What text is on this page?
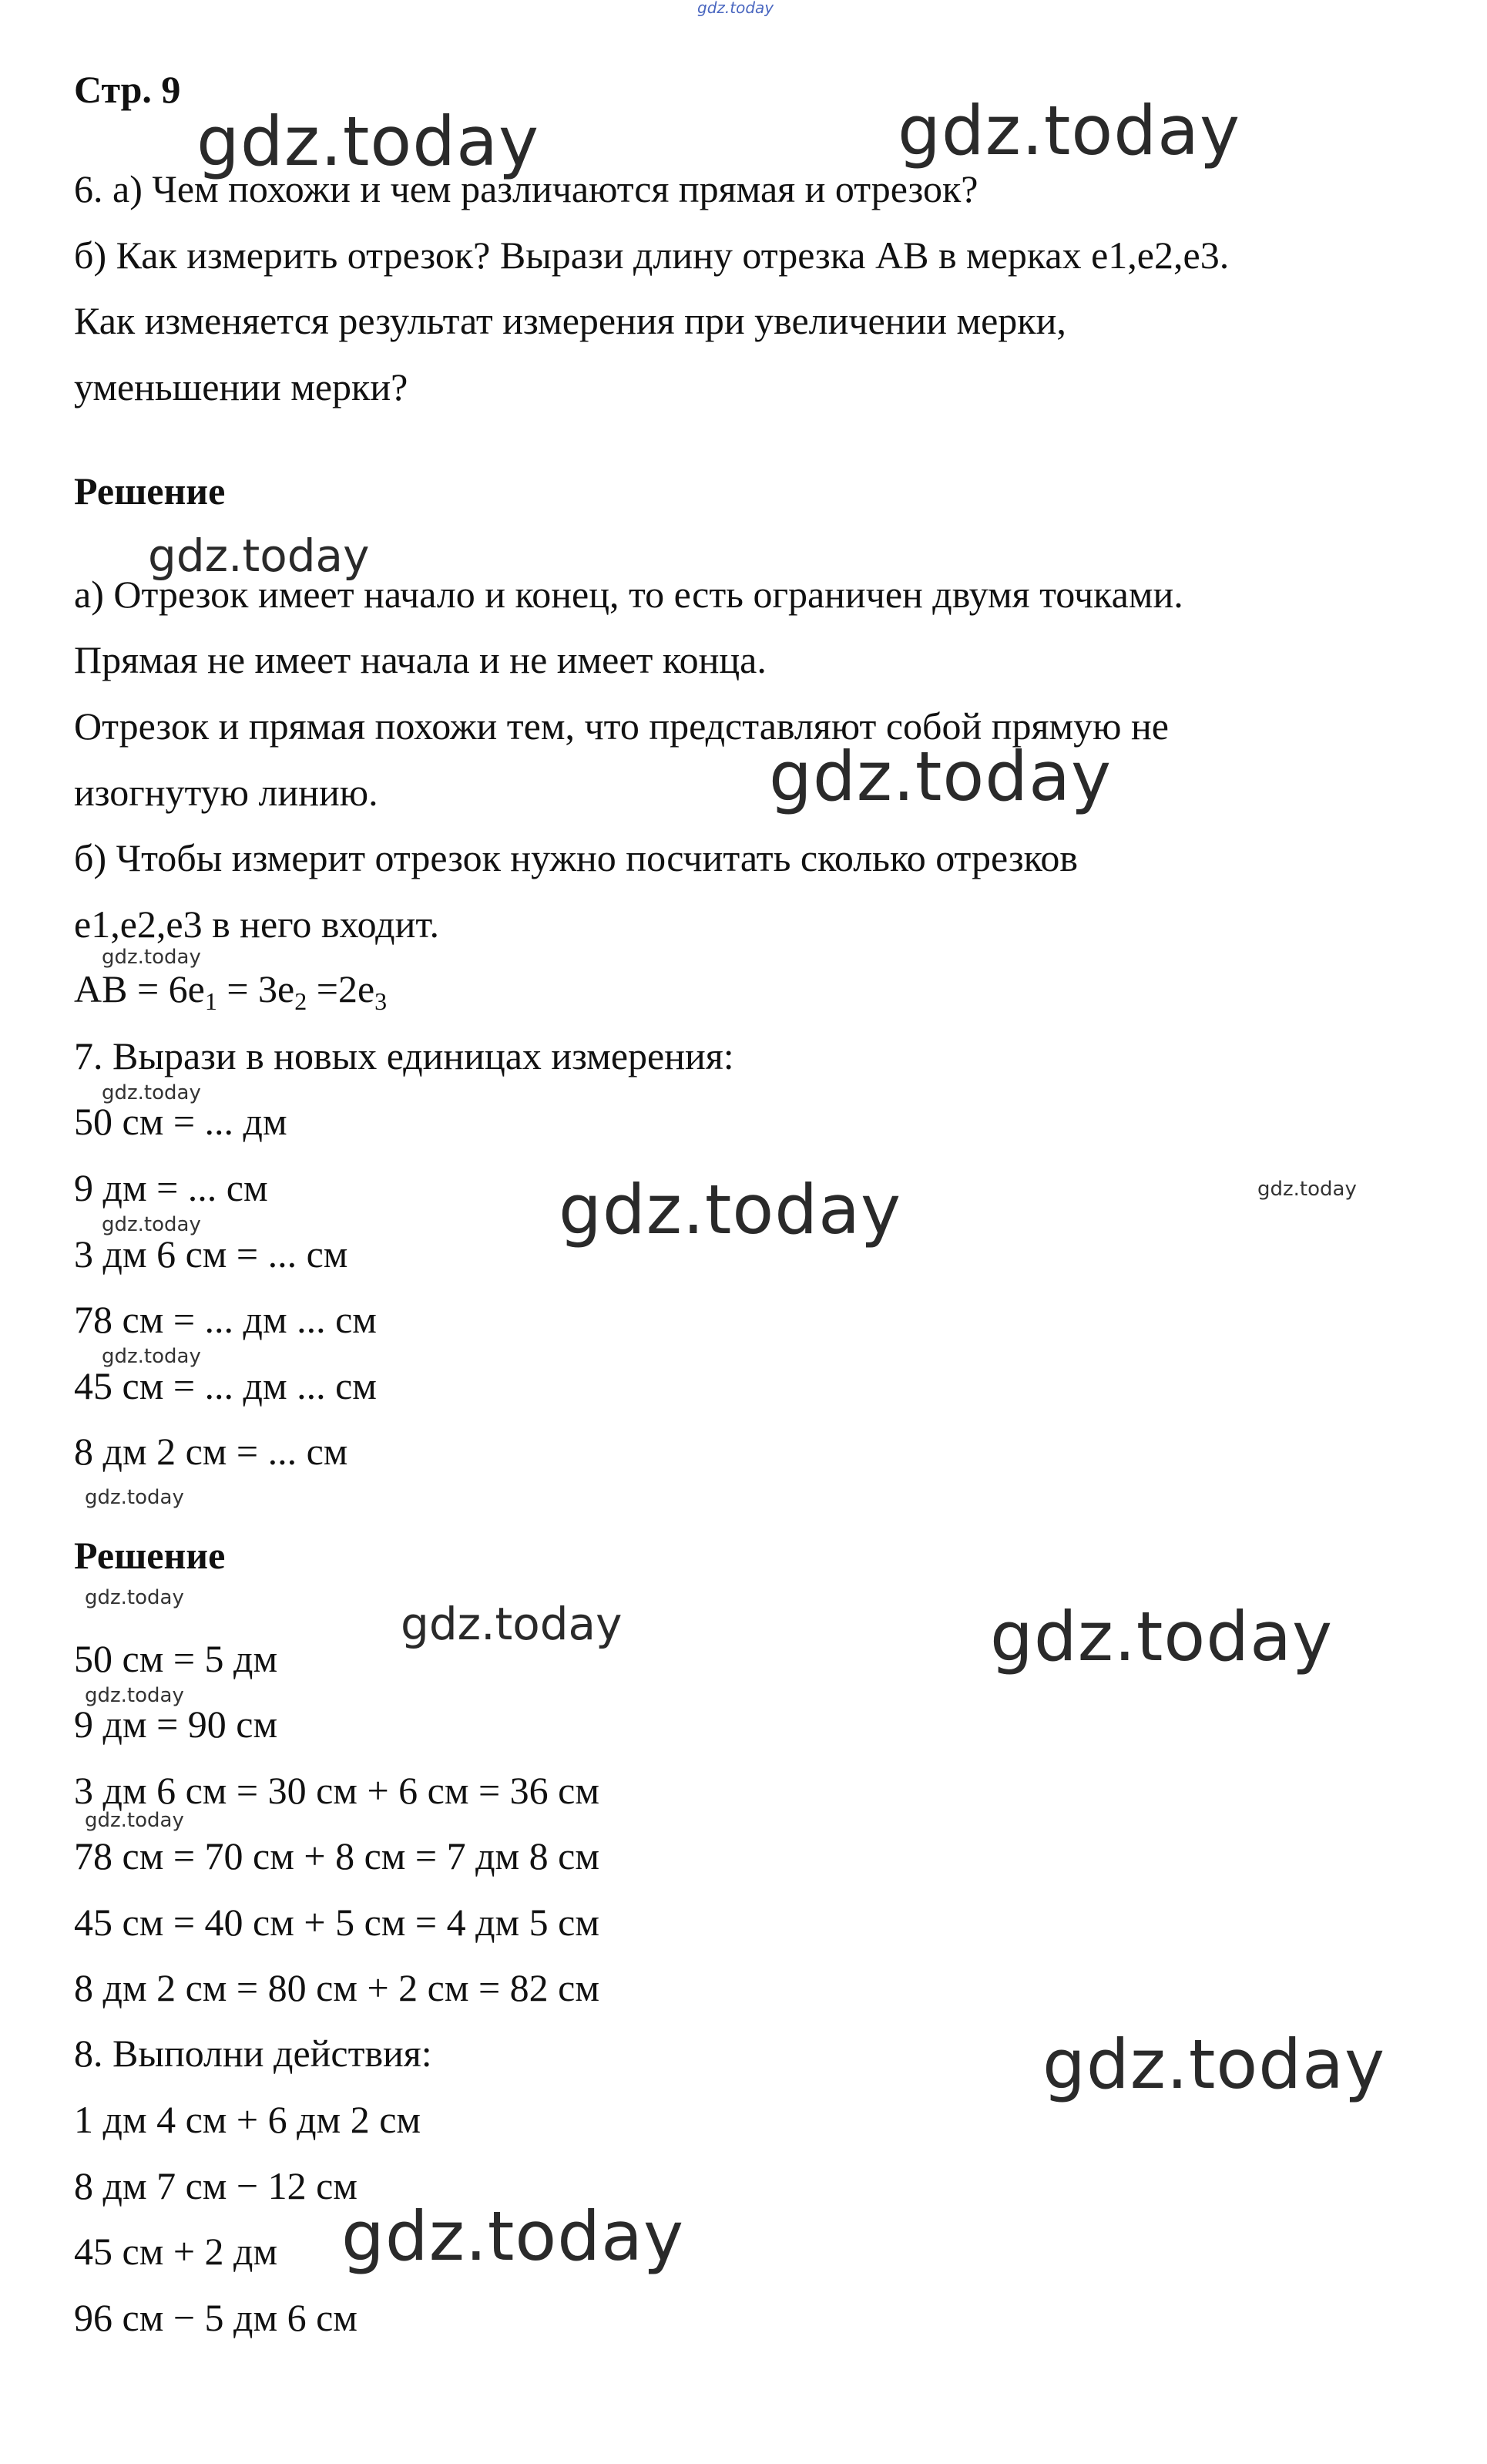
Стр. 9
6. а) Чем похожи и чем различаются прямая и отрезок?
б) Как измерить отрезок? Вырази длину отрезка АВ в мерках е1,е2,е3.
Как изменяется результат измерения при увеличении мерки,
уменьшении мерки?
Решение
а) Отрезок имеет начало и конец, то есть ограничен двумя точками.
Прямая не имеет начала и не имеет конца.
Отрезок и прямая похожи тем, что представляют собой прямую не
изогнутую линию.
б) Чтобы измерит отрезок нужно посчитать сколько отрезков
е1,е2,е3 в него входит.
АВ = $6е_1 = 3е_2 =2е_3$
7. Вырази в новых единицах измерения:
50 см = ... дм
9 дм = ... см
3 дм 6 см = ... см
78 см = ... дм ... см
45 см = ... дм ... см
8 дм 2 см = ... см
Решение
50 см = 5 дм
9 дм = 90 см
3 дм 6 см = 30 см + 6 см = 36 см
78 см = 70 см + 8 см = 7 дм 8 см
45 см = 40 см + 5 см = 4 дм 5 см
8 дм 2 см = 80 см + 2 см = 82 см
8. Выполни действия:
1 дм 4 см + 6 дм 2 см
8 дм 7 см − 12 см
45 см + 2 дм
96 см − 5 дм 6 см
gdz.today
gdz.today	gdz.today
gdz.today
gdz.today
gdz.today
gdz.today	gdz.today
gdz.today
gdz.today
gdz.today
gdz.today
gdz.today
gdz.today
gdz.today
gdz.today
gdz.today
gdz.today
gdz.today
